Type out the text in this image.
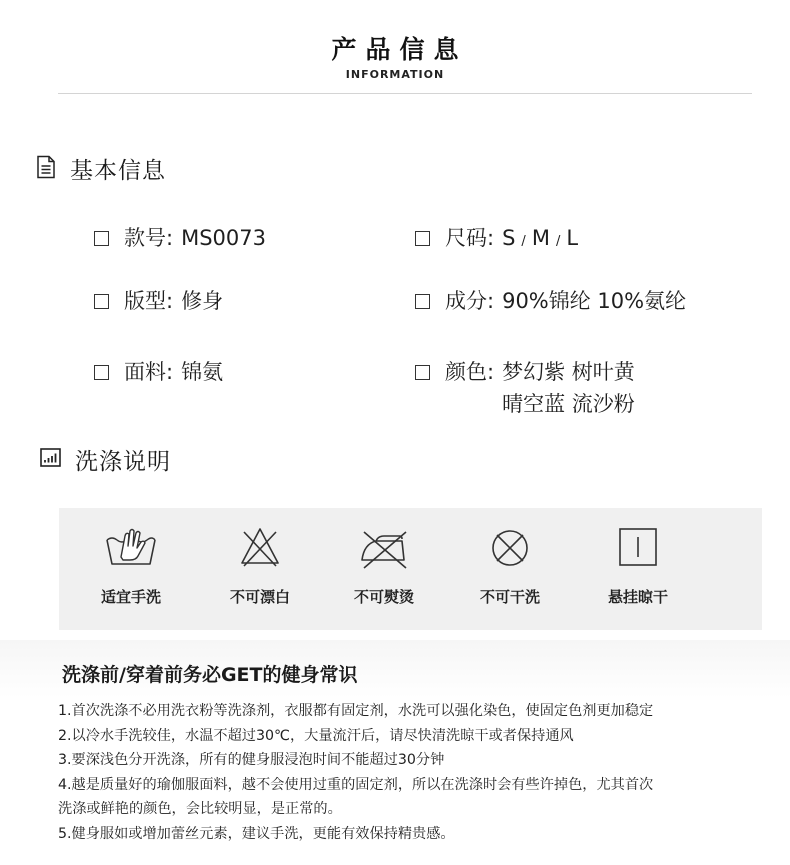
产品信息
INFORMATION
基本信息
款号: MS0073	尺码: S / M / L
版型: 修身	成分: 90%锦纶 10%氨纶
面料: 锦氨	颜色: 梦幻紫 树叶黄
晴空蓝 流沙粉
洗涤说明
适宜手洗	不可漂白	不可熨烫	不可干洗	悬挂晾干
洗涤前/穿着前务必GET的健身常识
1.首次洗涤不必用洗衣粉等洗涤剂，衣服都有固定剂，水洗可以强化染色，使固定色剂更加稳定
2.以冷水手洗较佳，水温不超过30℃，大量流汗后，请尽快清洗晾干或者保持通风
3.要深浅色分开洗涤，所有的健身服浸泡时间不能超过30分钟
4.越是质量好的瑜伽服面料，越不会使用过重的固定剂，所以在洗涤时会有些许掉色，尤其首次
洗涤或鲜艳的颜色，会比较明显，是正常的。
5.健身服如或增加蕾丝元素，建议手洗，更能有效保持精贵感。
